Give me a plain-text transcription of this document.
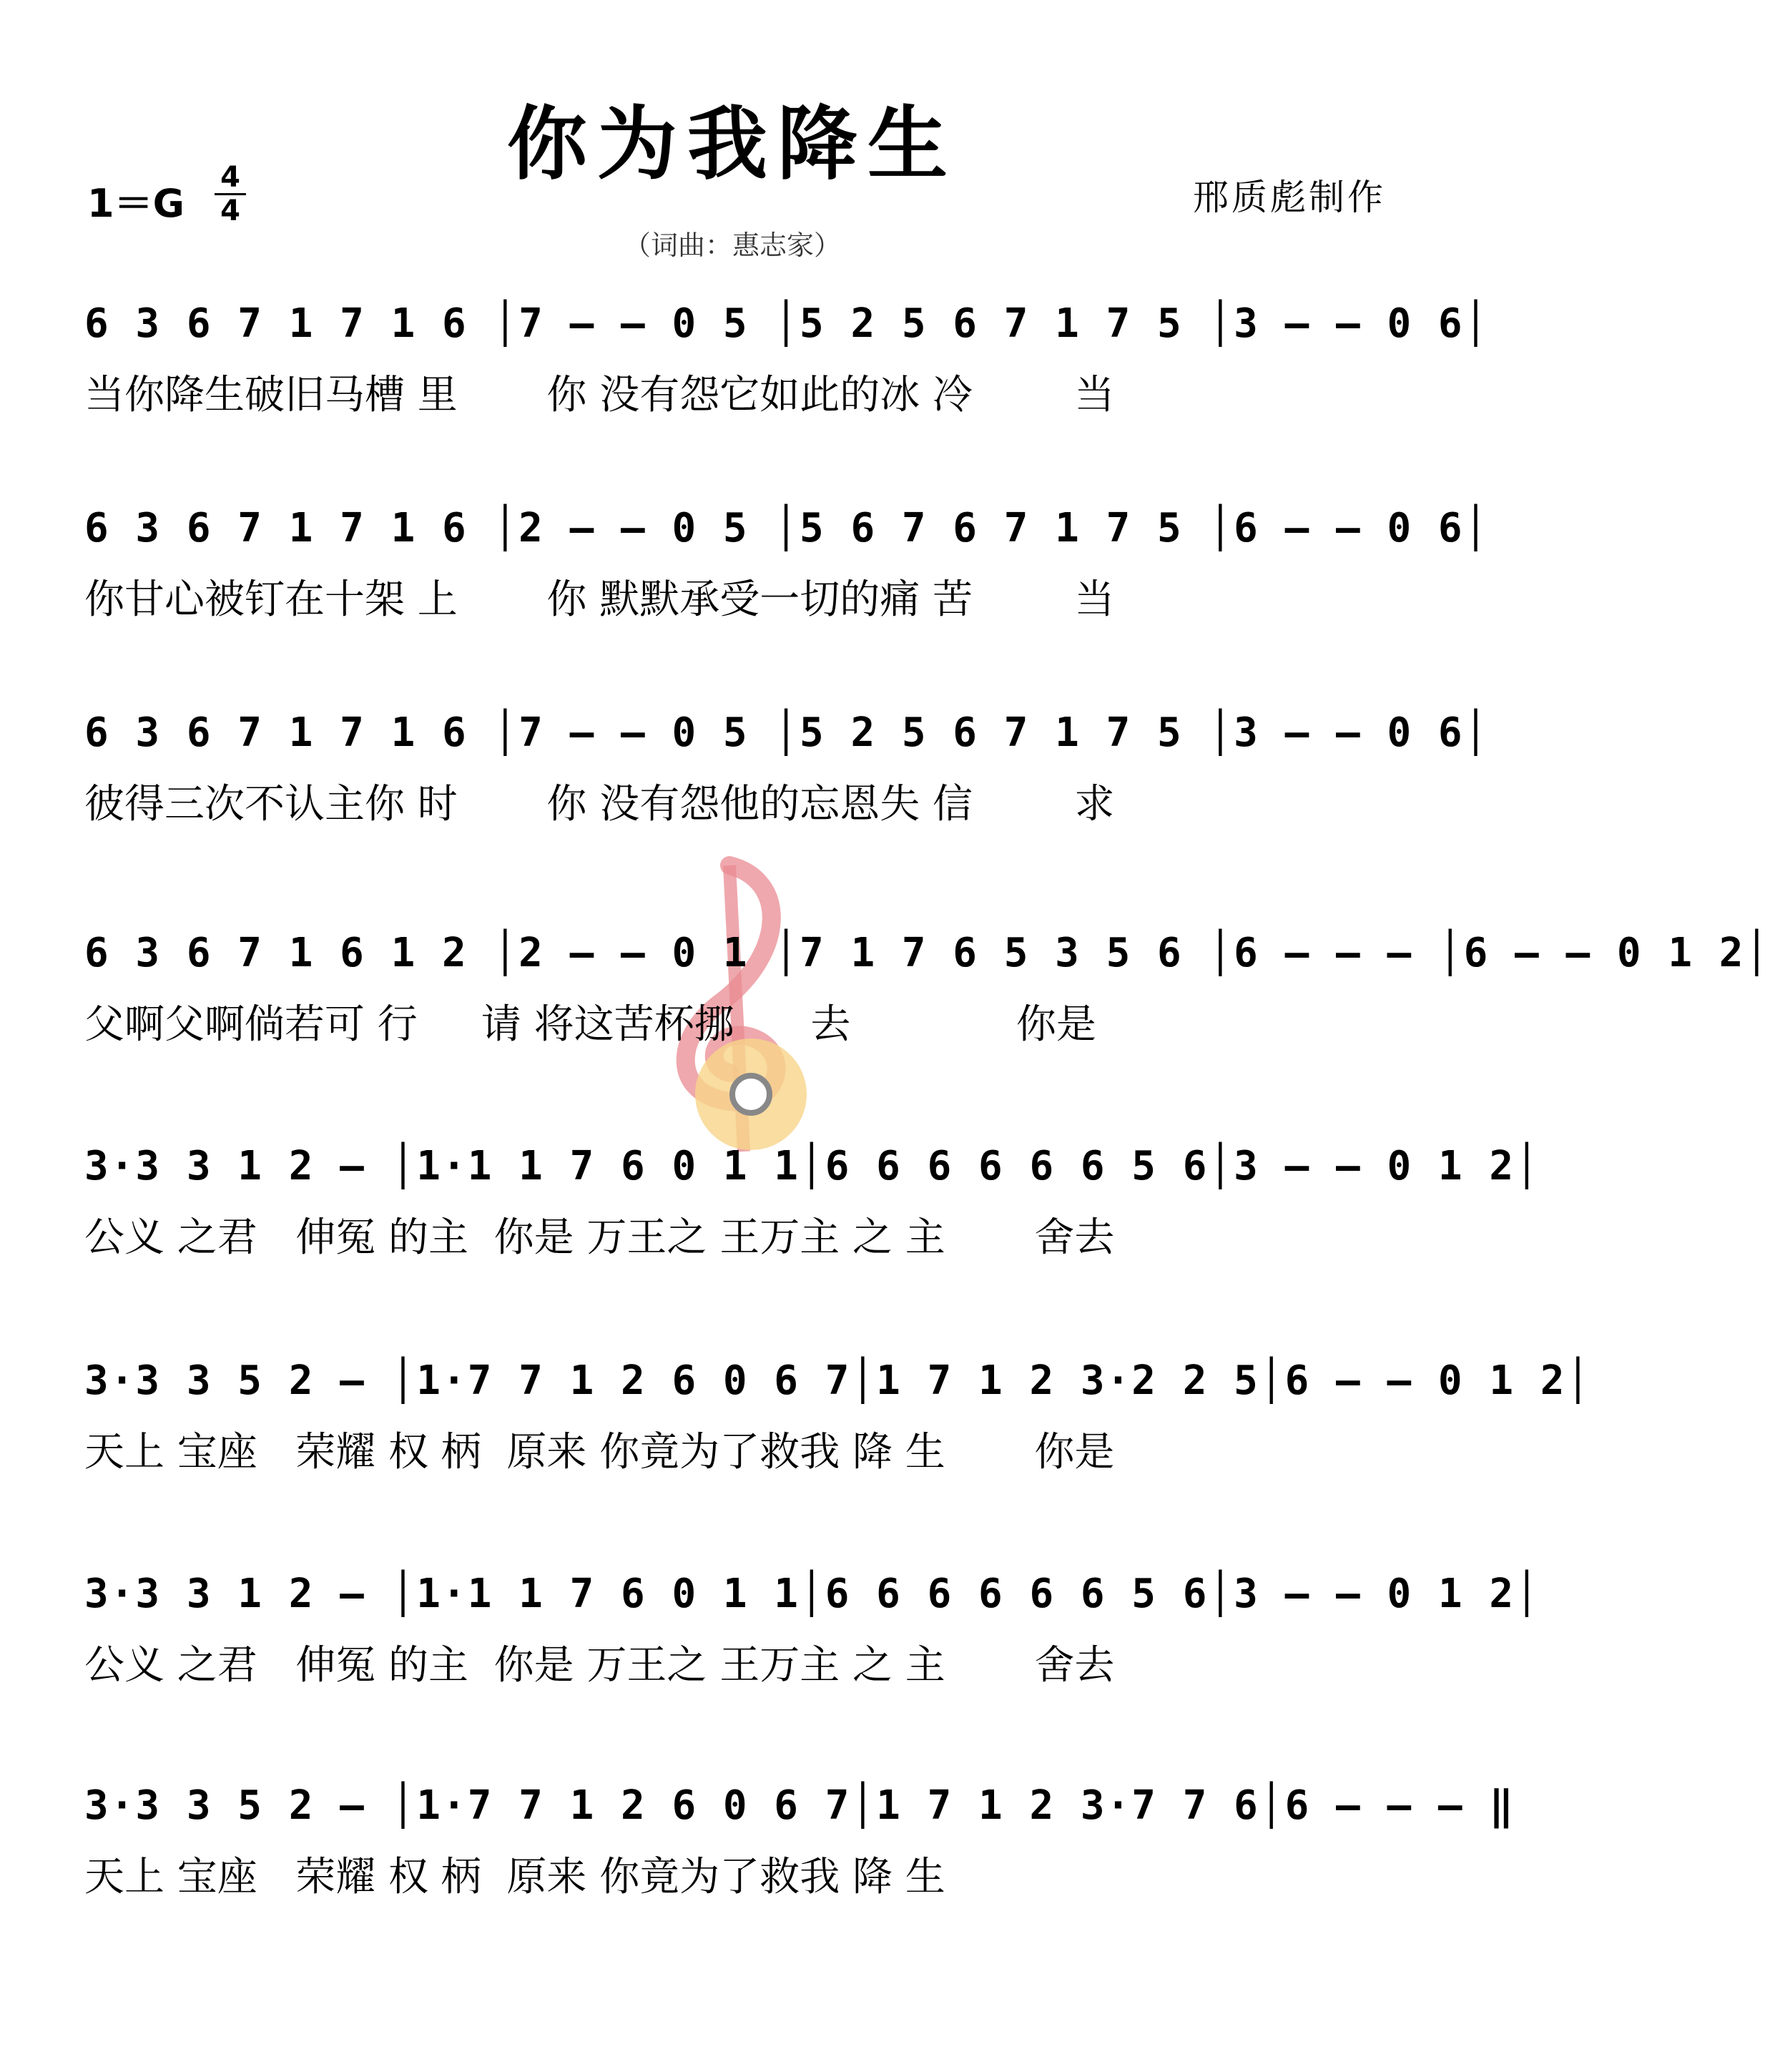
你为我降生
1＝G
4
4	邢质彪制作
（词曲：惠志家）
6 3 6 7 1 7 1 6 │7 – – 0 5 │5 2 5 6 7 1 7 5 │3 – – 0 6│
当你降生破旧马槽 里       你 没有怨它如此的冰 冷        当
6 3 6 7 1 7 1 6 │2 – – 0 5 │5 6 7 6 7 1 7 5 │6 – – 0 6│
你甘心被钉在十架 上       你 默默承受一切的痛 苦        当
6 3 6 7 1 7 1 6 │7 – – 0 5 │5 2 5 6 7 1 7 5 │3 – – 0 6│
彼得三次不认主你 时       你 没有怨他的忘恩失 信        求
6 3 6 7 1 6 1 2 │2 – – 0 1 │7 1 7 6 5 3 5 6 │6 – – – │6 – – 0 1 2│
父啊父啊倘若可 行     请 将这苦杯挪      去             你是
3·3 3 1 2 – │1·1 1 7 6 0 1 1│6 6 6 6 6 6 5 6│3 – – 0 1 2│
公义 之君   伸冤 的主  你是 万王之 王万主 之 主       舍去
3·3 3 5 2 – │1·7 7 1 2 6 0 6 7│1 7 1 2 3·2 2 5│6 – – 0 1 2│
天上 宝座   荣耀 权 柄  原来 你竟为了救我 降 生       你是
3·3 3 1 2 – │1·1 1 7 6 0 1 1│6 6 6 6 6 6 5 6│3 – – 0 1 2│
公义 之君   伸冤 的主  你是 万王之 王万主 之 主       舍去
3·3 3 5 2 – │1·7 7 1 2 6 0 6 7│1 7 1 2 3·7 7 6│6 – – – ‖
天上 宝座   荣耀 权 柄  原来 你竟为了救我 降 生
